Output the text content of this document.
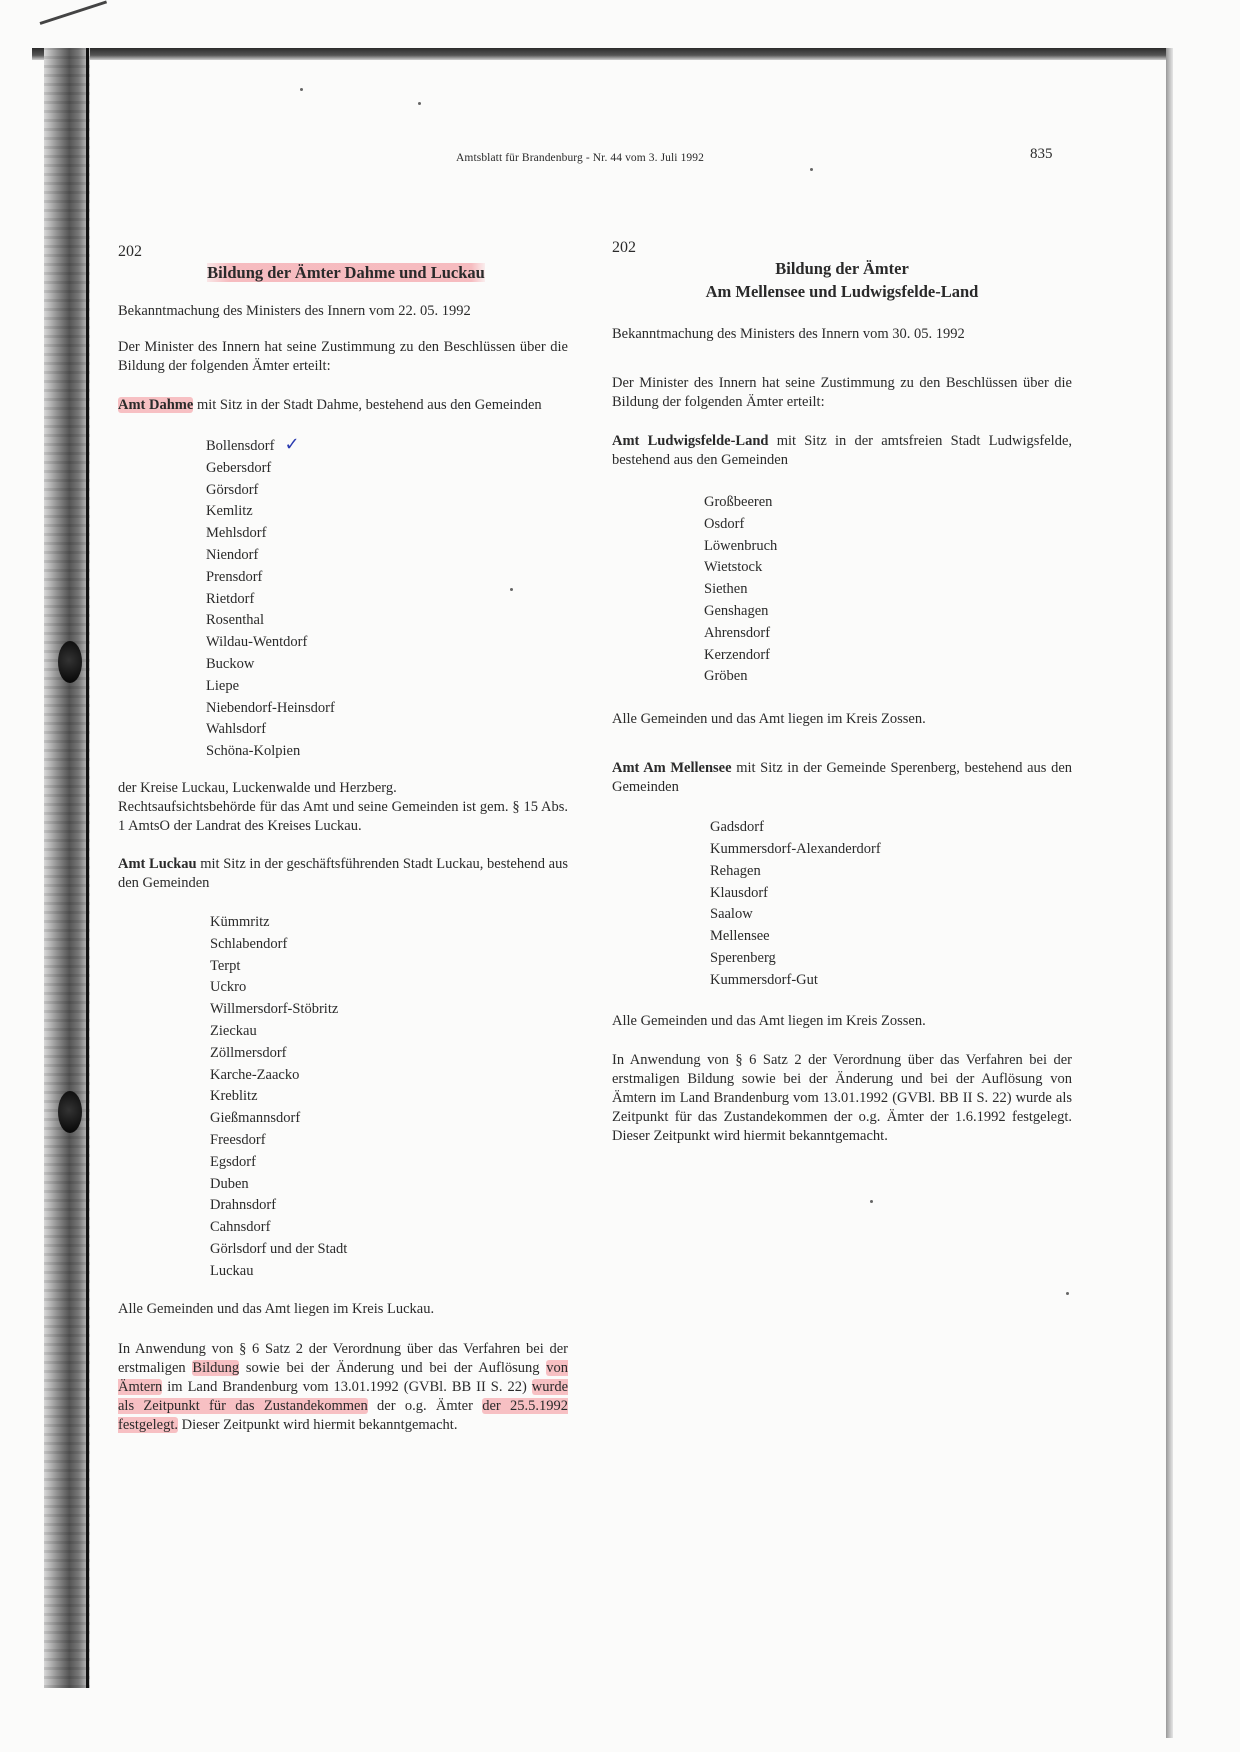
Amtsblatt für Brandenburg - Nr. 44 vom 3. Juli 1992	835
202
Bildung der Ämter Dahme und Luckau

Bekanntmachung des Ministers des Innern vom 22. 05. 1992

Der Minister des Innern hat seine Zustimmung zu den Beschlüssen über die Bildung der folgenden Ämter erteilt:

Amt Dahme mit Sitz in der Stadt Dahme, bestehend aus den Gemeinden

Bollensdorf ✓
Gebersdorf
Görsdorf
Kemlitz
Mehlsdorf
Niendorf
Prensdorf
Rietdorf
Rosenthal
Wildau-Wentdorf
Buckow
Liepe
Niebendorf-Heinsdorf
Wahlsdorf
Schöna-Kolpien

der Kreise Luckau, Luckenwalde und Herzberg.

Rechtsaufsichtsbehörde für das Amt und seine Gemeinden ist gem. § 15 Abs. 1 AmtsO der Landrat des Kreises Luckau.

Amt Luckau mit Sitz in der geschäftsführenden Stadt Luckau, bestehend aus den Gemeinden

Kümmritz
Schlabendorf
Terpt
Uckro
Willmersdorf-Stöbritz
Zieckau
Zöllmersdorf
Karche-Zaacko
Kreblitz
Gießmannsdorf
Freesdorf
Egsdorf
Duben
Drahnsdorf
Cahnsdorf
Görlsdorf und der Stadt
Luckau

Alle Gemeinden und das Amt liegen im Kreis Luckau.

In Anwendung von § 6 Satz 2 der Verordnung über das Verfahren bei der erstmaligen Bildung sowie bei der Änderung und bei der Auflösung von Ämtern im Land Brandenburg vom 13.01.1992 (GVBl. BB II S. 22) wurde als Zeitpunkt für das Zustandekommen der o.g. Ämter der 25.5.1992 festgelegt. Dieser Zeitpunkt wird hiermit bekanntgemacht.

202
Bildung der Ämter
Am Mellensee und Ludwigsfelde-Land

Bekanntmachung des Ministers des Innern vom 30. 05. 1992

Der Minister des Innern hat seine Zustimmung zu den Beschlüssen über die Bildung der folgenden Ämter erteilt:

Amt Ludwigsfelde-Land mit Sitz in der amtsfreien Stadt Ludwigsfelde, bestehend aus den Gemeinden

Großbeeren
Osdorf
Löwenbruch
Wietstock
Siethen
Genshagen
Ahrensdorf
Kerzendorf
Gröben

Alle Gemeinden und das Amt liegen im Kreis Zossen.

Amt Am Mellensee mit Sitz in der Gemeinde Sperenberg, bestehend aus den Gemeinden

Gadsdorf
Kummersdorf-Alexanderdorf
Rehagen
Klausdorf
Saalow
Mellensee
Sperenberg
Kummersdorf-Gut

Alle Gemeinden und das Amt liegen im Kreis Zossen.

In Anwendung von § 6 Satz 2 der Verordnung über das Verfahren bei der erstmaligen Bildung sowie bei der Änderung und bei der Auflösung von Ämtern im Land Brandenburg vom 13.01.1992 (GVBl. BB II S. 22) wurde als Zeitpunkt für das Zustandekommen der o.g. Ämter der 1.6.1992 festgelegt. Dieser Zeitpunkt wird hiermit bekanntgemacht.
